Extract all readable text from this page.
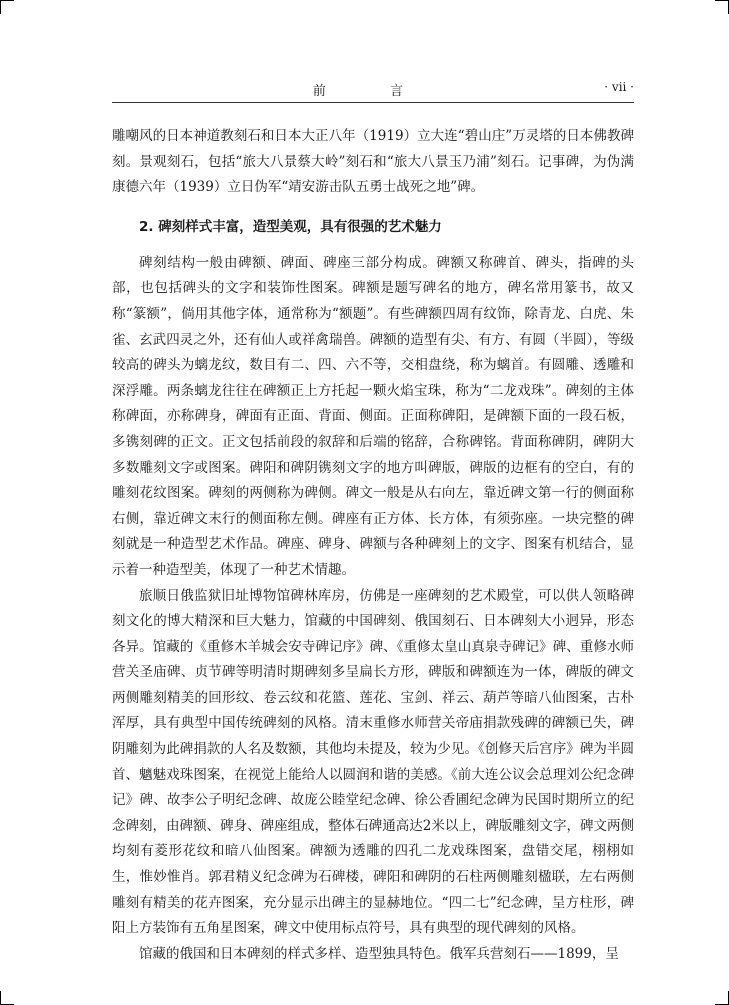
前 言	· vii ·

雕嘲风的日本神道教刻石和日本大正八年（1919）立大连“碧山庄”万灵塔的日本佛教碑刻。景观刻石，包括“旅大八景蔡大岭”刻石和“旅大八景玉乃浦”刻石。记事碑，为伪满康德六年（1939）立日伪军“靖安游击队五勇士战死之地”碑。

2. 碑刻样式丰富，造型美观，具有很强的艺术魅力

碑刻结构一般由碑额、碑面、碑座三部分构成。碑额又称碑首、碑头，指碑的头部，也包括碑头的文字和装饰性图案。碑额是题写碑名的地方，碑名常用篆书，故又称“篆额”，倘用其他字体，通常称为“额题”。有些碑额四周有纹饰，除青龙、白虎、朱雀、玄武四灵之外，还有仙人或祥禽瑞兽。碑额的造型有尖、有方、有圆（半圆），等级较高的碑头为螭龙纹，数目有二、四、六不等，交相盘绕，称为螭首。有圆雕、透雕和深浮雕。两条螭龙往往在碑额正上方托起一颗火焰宝珠，称为“二龙戏珠”。碑刻的主体称碑面，亦称碑身，碑面有正面、背面、侧面。正面称碑阳，是碑额下面的一段石板，多镌刻碑的正文。正文包括前段的叙辞和后端的铭辞，合称碑铭。背面称碑阴，碑阴大多数雕刻文字或图案。碑阳和碑阴镌刻文字的地方叫碑版，碑版的边框有的空白，有的雕刻花纹图案。碑刻的两侧称为碑侧。碑文一般是从右向左，靠近碑文第一行的侧面称右侧，靠近碑文末行的侧面称左侧。碑座有正方体、长方体，有须弥座。一块完整的碑刻就是一种造型艺术作品。碑座、碑身、碑额与各种碑刻上的文字、图案有机结合，显示着一种造型美，体现了一种艺术情趣。

旅顺日俄监狱旧址博物馆碑林库房，仿佛是一座碑刻的艺术殿堂，可以供人领略碑刻文化的博大精深和巨大魅力，馆藏的中国碑刻、俄国刻石、日本碑刻大小迥异，形态各异。馆藏的《重修木羊城会安寺碑记序》碑、《重修太皇山真泉寺碑记》碑、重修水师营关圣庙碑、贞节碑等明清时期碑刻多呈扁长方形，碑版和碑额连为一体，碑版的碑文两侧雕刻精美的回形纹、卷云纹和花篮、莲花、宝剑、祥云、葫芦等暗八仙图案，古朴浑厚，具有典型中国传统碑刻的风格。清末重修水师营关帝庙捐款残碑的碑额已失，碑阴雕刻为此碑捐款的人名及数额，其他均未提及，较为少见。《创修天后宫序》碑为半圆首、魑魅戏珠图案，在视觉上能给人以圆润和谐的美感。《前大连公议会总理刘公纪念碑记》碑、故李公子明纪念碑、故庞公睦堂纪念碑、徐公香圃纪念碑为民国时期所立的纪念碑刻，由碑额、碑身、碑座组成，整体石碑通高达2米以上，碑版雕刻文字，碑文两侧均刻有菱形花纹和暗八仙图案。碑额为透雕的四孔二龙戏珠图案，盘错交尾，栩栩如生，惟妙惟肖。郭君精义纪念碑为石碑楼，碑阳和碑阴的石柱两侧雕刻楹联，左右两侧雕刻有精美的花卉图案，充分显示出碑主的显赫地位。“四二七”纪念碑，呈方柱形，碑阳上方装饰有五角星图案，碑文中使用标点符号，具有典型的现代碑刻的风格。

馆藏的俄国和日本碑刻的样式多样、造型独具特色。俄军兵营刻石——1899，呈
